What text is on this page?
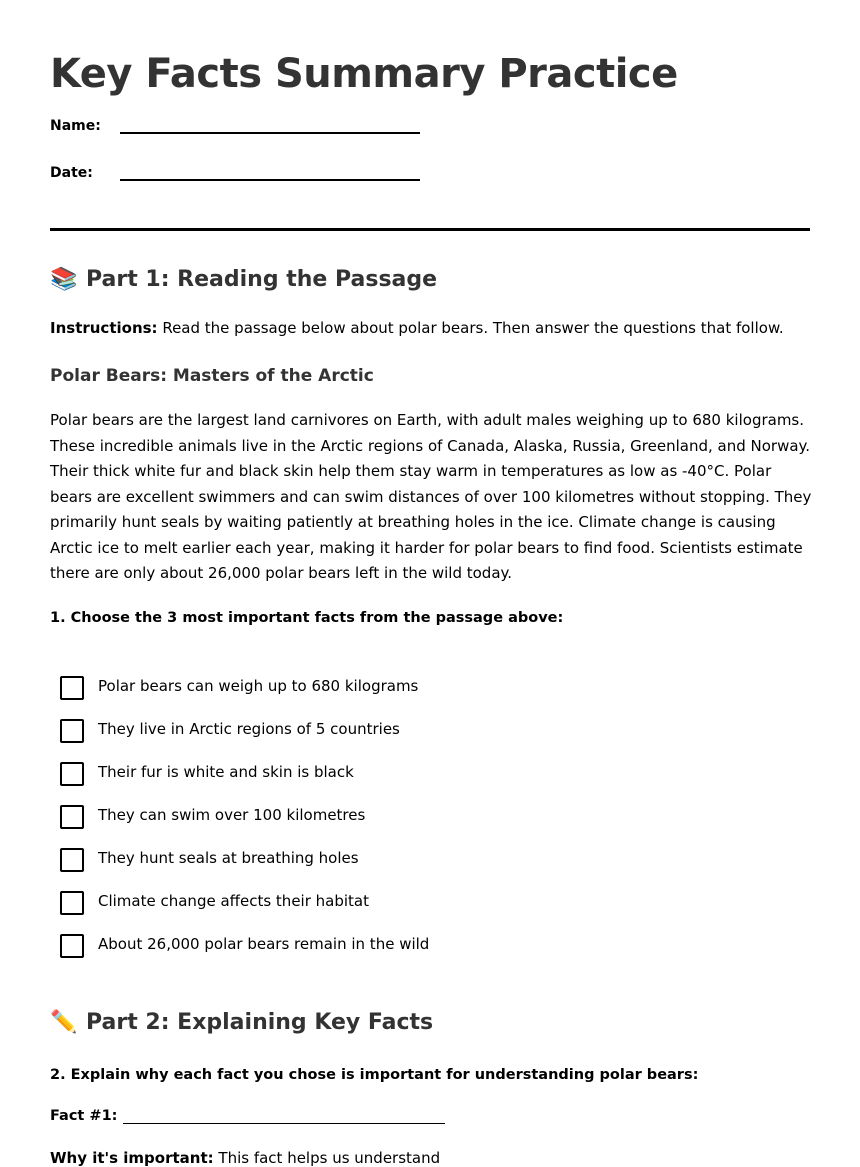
Key Facts Summary Practice
Name:
Date:
📚 Part 1: Reading the Passage
Instructions: Read the passage below about polar bears. Then answer the questions that follow.
Polar Bears: Masters of the Arctic

Polar bears are the largest land carnivores on Earth, with adult males weighing up to 680 kilograms. These incredible animals live in the Arctic regions of Canada, Alaska, Russia, Greenland, and Norway. Their thick white fur and black skin help them stay warm in temperatures as low as -40°C. Polar bears are excellent swimmers and can swim distances of over 100 kilometres without stopping. They primarily hunt seals by waiting patiently at breathing holes in the ice. Climate change is causing Arctic ice to melt earlier each year, making it harder for polar bears to find food. Scientists estimate there are only about 26,000 polar bears left in the wild today.

1. Choose the 3 most important facts from the passage above:
Polar bears can weigh up to 680 kilograms
They live in Arctic regions of 5 countries
Their fur is white and skin is black
They can swim over 100 kilometres
They hunt seals at breathing holes
Climate change affects their habitat
About 26,000 polar bears remain in the wild
✏️ Part 2: Explaining Key Facts
2. Explain why each fact you chose is important for understanding polar bears:
Fact #1:
Why it's important: This fact helps us understand
